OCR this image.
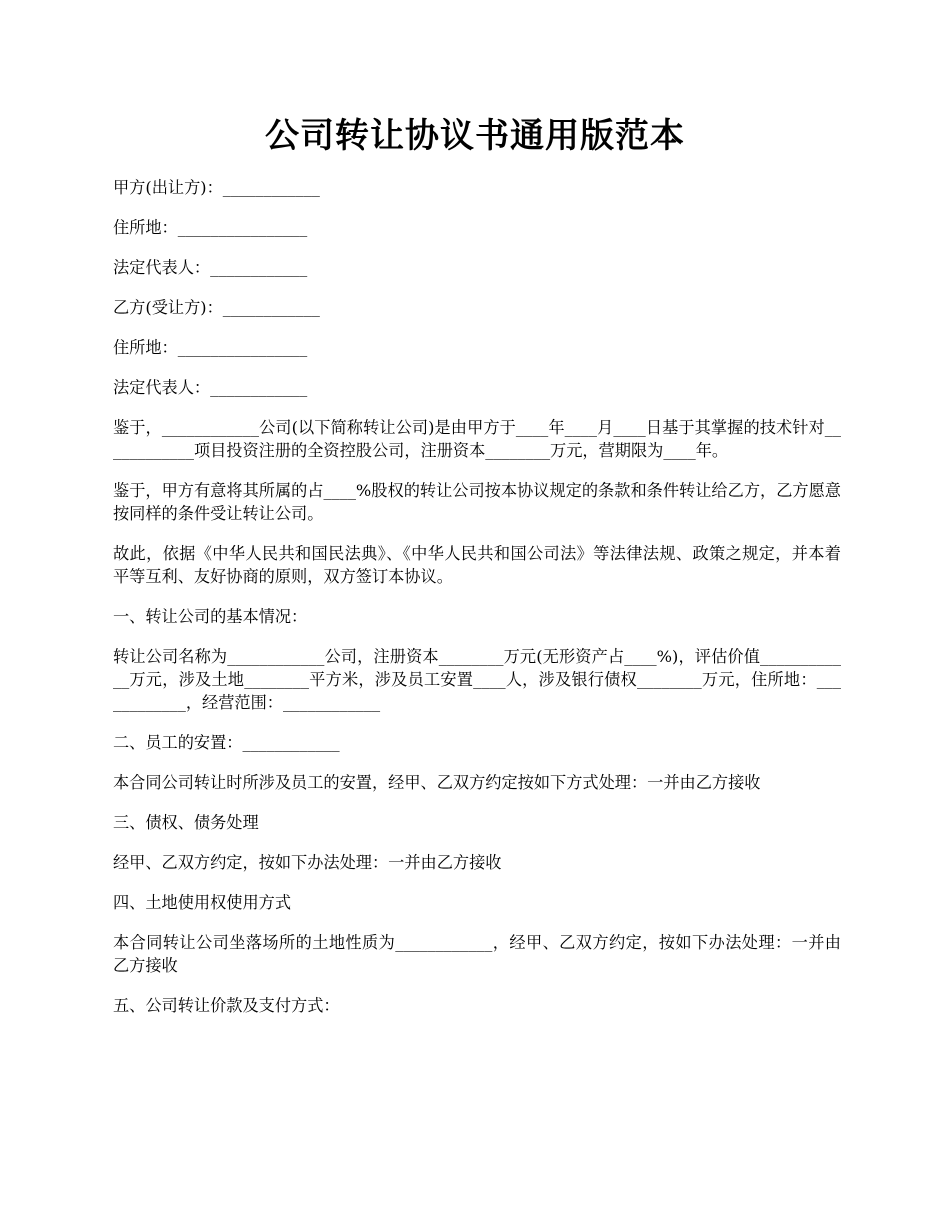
公司转让协议书通用版范本

甲方(出让方)：____________

住所地：________________

法定代表人：____________

乙方(受让方)：____________

住所地：________________

法定代表人：____________

鉴于，____________公司(以下简称转让公司)是由甲方于____年____月____日基于其掌握的技术针对____________项目投资注册的全资控股公司，注册资本________万元，营期限为____年。

鉴于，甲方有意将其所属的占____%股权的转让公司按本协议规定的条款和条件转让给乙方，乙方愿意按同样的条件受让转让公司。

故此，依据《中华人民共和国民法典》、《中华人民共和国公司法》等法律法规、政策之规定，并本着平等互利、友好协商的原则，双方签订本协议。

一、转让公司的基本情况：

转让公司名称为____________公司，注册资本________万元(无形资产占____%)，评估价值____________万元，涉及土地________平方米，涉及员工安置____人，涉及银行债权________万元，住所地：____________，经营范围：____________

二、员工的安置：____________

本合同公司转让时所涉及员工的安置，经甲、乙双方约定按如下方式处理：一并由乙方接收

三、债权、债务处理

经甲、乙双方约定，按如下办法处理：一并由乙方接收

四、土地使用权使用方式

本合同转让公司坐落场所的土地性质为____________，经甲、乙双方约定，按如下办法处理：一并由乙方接收

五、公司转让价款及支付方式：
